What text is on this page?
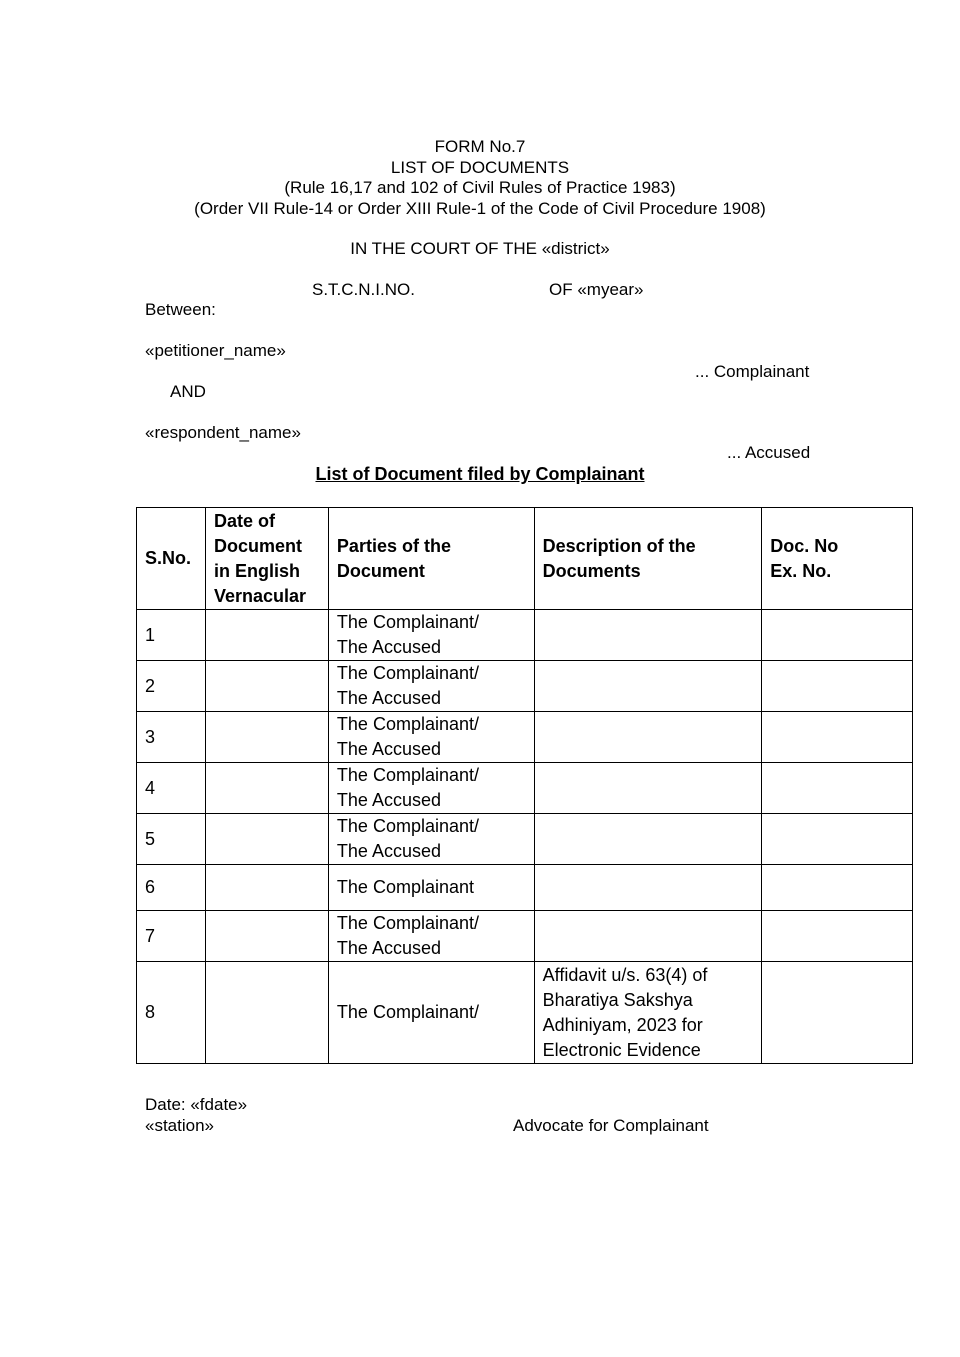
FORM No.7
LIST OF DOCUMENTS
(Rule 16,17 and 102 of Civil Rules of Practice 1983)
(Order VII Rule-14 or Order XIII Rule-1 of the Code of Civil Procedure 1908)
IN THE COURT OF THE «district»
S.T.C.N.I.NO.	OF «myear»
Between:
«petitioner_name»
... Complainant
AND
«respondent_name»
... Accused
List of Document filed by Complainant
S.No.	Date of
Document
in English
Vernacular	Parties of the
Document	Description of the
Documents	Doc. No
Ex. No.

1		The Complainant/
The Accused		

2		The Complainant/
The Accused		

3		The Complainant/
The Accused		

4		The Complainant/
The Accused		

5		The Complainant/
The Accused		

6		The Complainant		

7		The Complainant/
The Accused		

8		The Complainant/	Affidavit u/s. 63(4) of
Bharatiya Sakshya
Adhiniyam, 2023 for
Electronic Evidence	

Date: «fdate»
«station»	Advocate for Complainant
